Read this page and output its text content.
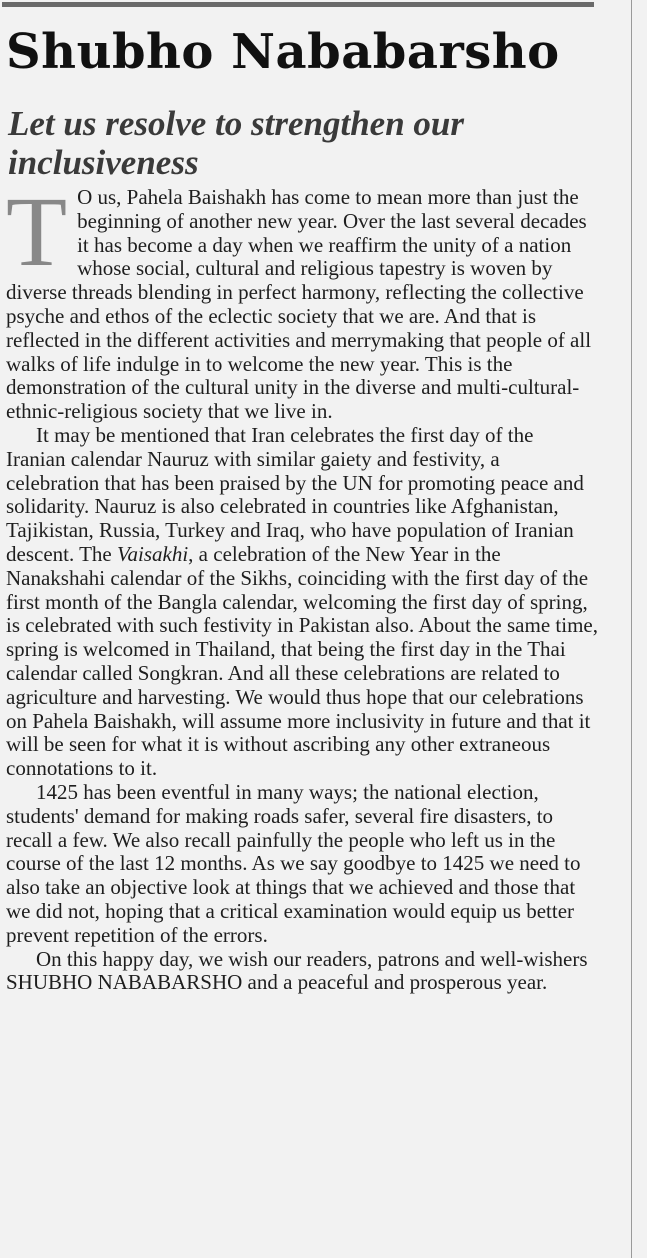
Shubho Nababarsho
Let us resolve to strengthen our inclusiveness

T O us, Pahela Baishakh has come to mean more than just the beginning of another new year. Over the last several decades it has become a day when we reaffirm the unity of a nation whose social, cultural and religious tapestry is woven by diverse threads blending in perfect harmony, reflecting the collective psyche and ethos of the eclectic society that we are. And that is reflected in the different activities and merrymaking that people of all walks of life indulge in to welcome the new year. This is the demonstration of the cultural unity in the diverse and multi-cultural-ethnic-religious society that we live in.

It may be mentioned that Iran celebrates the first day of the Iranian calendar Nauruz with similar gaiety and festivity, a celebration that has been praised by the UN for promoting peace and solidarity. Nauruz is also celebrated in countries like Afghanistan, Tajikistan, Russia, Turkey and Iraq, who have population of Iranian descent. The Vaisakhi, a celebration of the New Year in the Nanakshahi calendar of the Sikhs, coinciding with the first day of the first month of the Bangla calendar, welcoming the first day of spring, is celebrated with such festivity in Pakistan also. About the same time, spring is welcomed in Thailand, that being the first day in the Thai calendar called Songkran. And all these celebrations are related to agriculture and harvesting. We would thus hope that our celebrations on Pahela Baishakh, will assume more inclusivity in future and that it will be seen for what it is without ascribing any other extraneous connotations to it.

1425 has been eventful in many ways; the national election, students' demand for making roads safer, several fire disasters, to recall a few. We also recall painfully the people who left us in the course of the last 12 months. As we say goodbye to 1425 we need to also take an objective look at things that we achieved and those that we did not, hoping that a critical examination would equip us better prevent repetition of the errors.

On this happy day, we wish our readers, patrons and well-wishers SHUBHO NABABARSHO and a peaceful and prosperous year.
